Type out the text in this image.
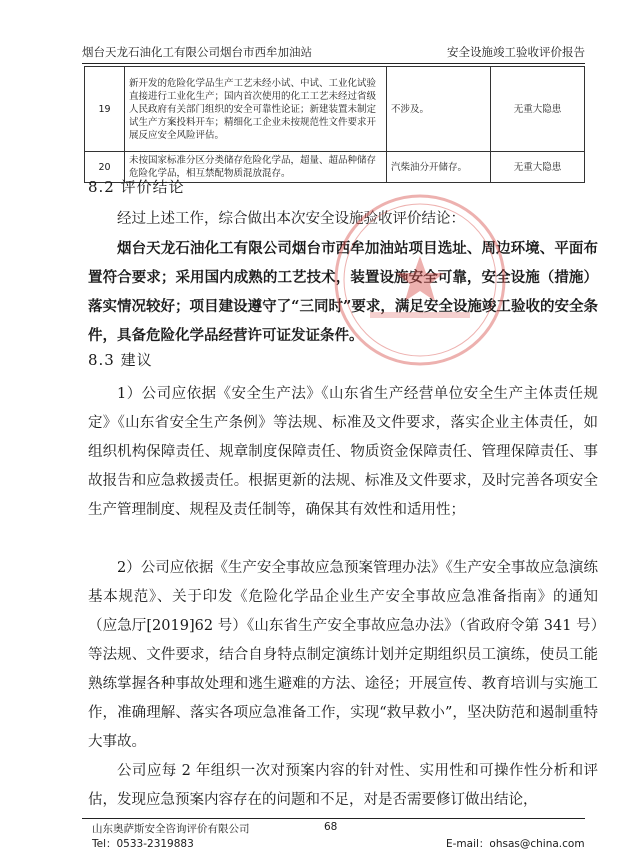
烟台天龙石油化工有限公司烟台市西牟加油站	安全设施竣工验收评价报告
19	新开发的危险化学品生产工艺未经小试、中试、工业化试验直接进行工业化生产；国内首次使用的化工工艺未经过省级人民政府有关部门组织的安全可靠性论证；新建装置未制定试生产方案投料开车；精细化工企业未按规范性文件要求开展反应安全风险评估。	不涉及。	无重大隐患
20	未按国家标准分区分类储存危险化学品，超量、超品种储存危险化学品，相互禁配物质混放混存。	汽柴油分开储存。	无重大隐患
8.2 评价结论

经过上述工作，综合做出本次安全设施验收评价结论：

烟台天龙石油化工有限公司烟台市西牟加油站项目选址、周边环境、平面布置符合要求；采用国内成熟的工艺技术，装置设施安全可靠，安全设施（措施）落实情况较好；项目建设遵守了“三同时”要求，满足安全设施竣工验收的安全条件，具备危险化学品经营许可证发证条件。

8.3 建议

1）公司应依据《安全生产法》《山东省生产经营单位安全生产主体责任规定》《山东省安全生产条例》等法规、标准及文件要求，落实企业主体责任，如组织机构保障责任、规章制度保障责任、物质资金保障责任、管理保障责任、事故报告和应急救援责任。根据更新的法规、标准及文件要求，及时完善各项安全生产管理制度、规程及责任制等，确保其有效性和适用性；

2）公司应依据《生产安全事故应急预案管理办法》《生产安全事故应急演练基本规范》、关于印发《危险化学品企业生产安全事故应急准备指南》的通知（应急厅[2019]62 号）《山东省生产安全事故应急办法》（省政府令第 341 号）等法规、文件要求，结合自身特点制定演练计划并定期组织员工演练，使员工能熟练掌握各种事故处理和逃生避难的方法、途径；开展宣传、教育培训与实施工作，准确理解、落实各项应急准备工作，实现“救早救小”，坚决防范和遏制重特大事故。

公司应每 2 年组织一次对预案内容的针对性、实用性和可操作性分析和评估，发现应急预案内容存在的问题和不足，对是否需要修订做出结论，

山东奥萨斯安全咨询评价有限公司	68
Tel：0533-2319883	E-mail：ohsas@china.com
